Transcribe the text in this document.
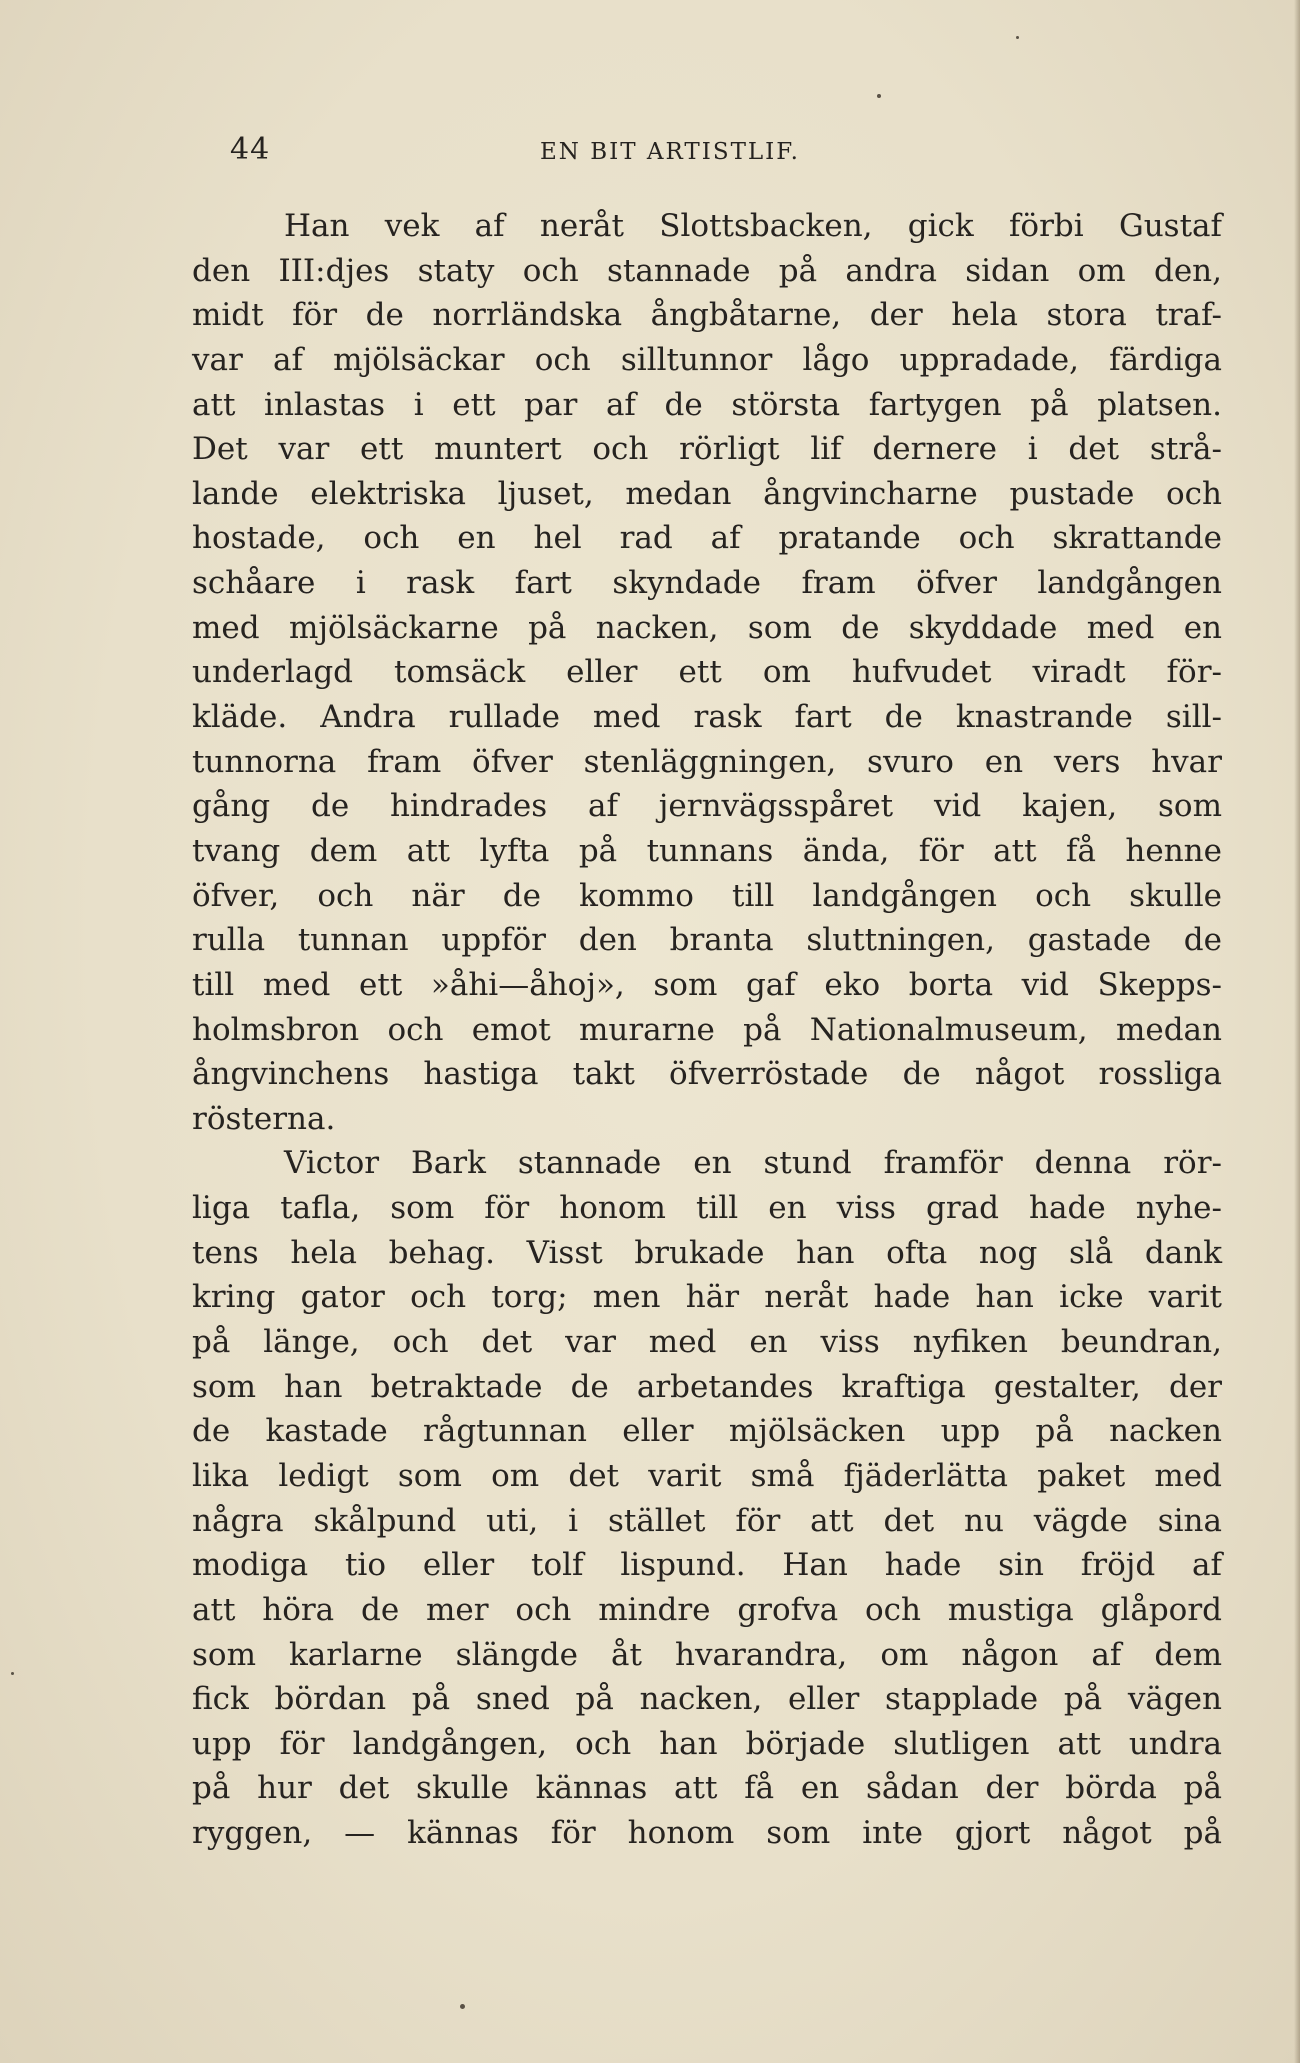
44	EN BIT ARTISTLIF.
Han vek af neråt Slottsbacken, gick förbi Gustaf
den III:djes staty och stannade på andra sidan om den,
midt för de norrländska ångbåtarne, der hela stora traf-
var af mjölsäckar och silltunnor lågo uppradade, färdiga
att inlastas i ett par af de största fartygen på platsen.
Det var ett muntert och rörligt lif dernere i det strå-
lande elektriska ljuset, medan ångvincharne pustade och
hostade, och en hel rad af pratande och skrattande
schåare i rask fart skyndade fram öfver landgången
med mjölsäckarne på nacken, som de skyddade med en
underlagd tomsäck eller ett om hufvudet viradt för-
kläde. Andra rullade med rask fart de knastrande sill-
tunnorna fram öfver stenläggningen, svuro en vers hvar
gång de hindrades af jernvägsspåret vid kajen, som
tvang dem att lyfta på tunnans ända, för att få henne
öfver, och när de kommo till landgången och skulle
rulla tunnan uppför den branta sluttningen, gastade de
till med ett »åhi—åhoj», som gaf eko borta vid Skepps-
holmsbron och emot murarne på Nationalmuseum, medan
ångvinchens hastiga takt öfverröstade de något rossliga
rösterna.
Victor Bark stannade en stund framför denna rör-
liga tafla, som för honom till en viss grad hade nyhe-
tens hela behag. Visst brukade han ofta nog slå dank
kring gator och torg; men här neråt hade han icke varit
på länge, och det var med en viss nyfiken beundran,
som han betraktade de arbetandes kraftiga gestalter, der
de kastade rågtunnan eller mjölsäcken upp på nacken
lika ledigt som om det varit små fjäderlätta paket med
några skålpund uti, i stället för att det nu vägde sina
modiga tio eller tolf lispund. Han hade sin fröjd af
att höra de mer och mindre grofva och mustiga glåpord
som karlarne slängde åt hvarandra, om någon af dem
fick bördan på sned på nacken, eller stapplade på vägen
upp för landgången, och han började slutligen att undra
på hur det skulle kännas att få en sådan der börda på
ryggen, — kännas för honom som inte gjort något på
